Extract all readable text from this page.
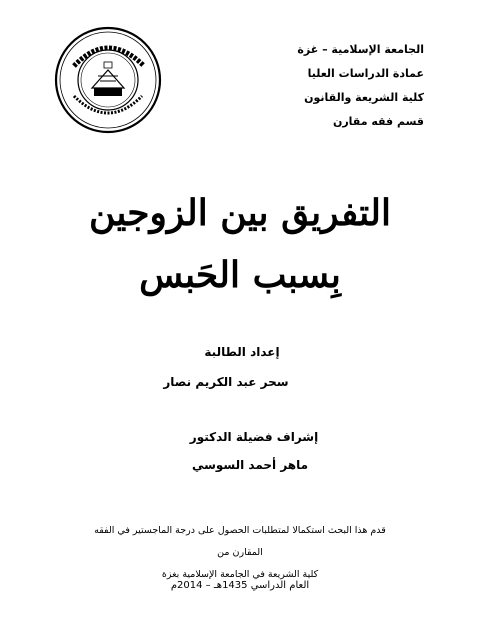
الجامعة الإسلامية – غزة
عمادة الدراسات العليا
كلية الشريعة والقانون
قسم فقه مقارن
التفريق بين الزوجين
بِسبب الحَبس
إعداد الطالبة
سحر عبد الكريم نصار
إشراف فضيلة الدكتور
ماهر أحمد السوسي
قدم هذا البحث استكمالا لمتطلبات الحصول على درجة الماجستير في الفقه المقارن من
كلية الشريعة في الجامعة الإسلامية بغزة
العام الدراسي 1435هـ – 2014م
